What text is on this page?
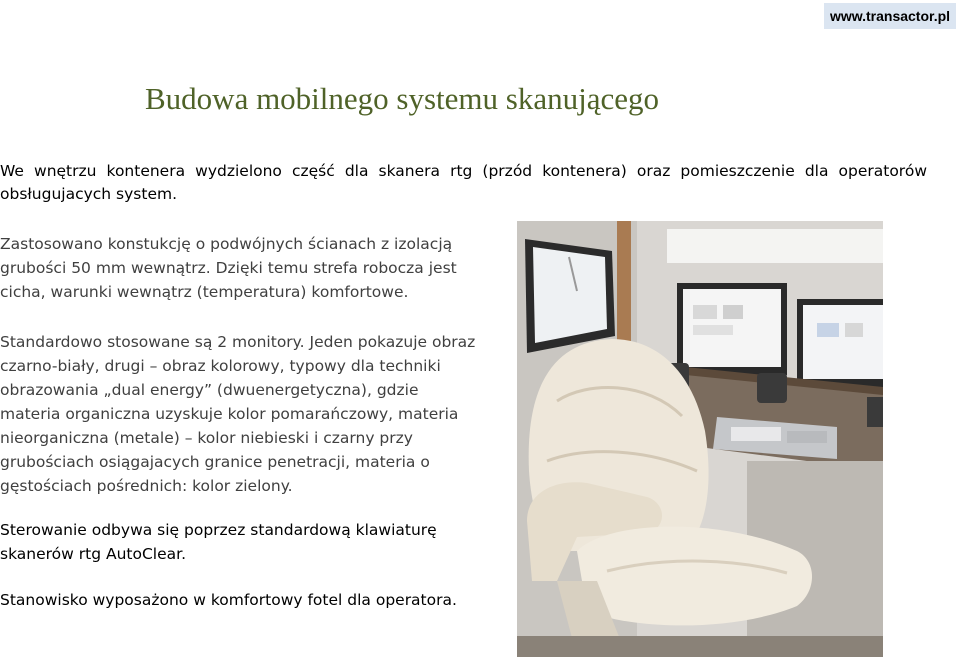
www.transactor.pl
Budowa mobilnego systemu skanującego

We wnętrzu kontenera wydzielono część dla skanera rtg (przód kontenera) oraz pomieszczenie dla operatorów obsługujacych system.

Zastosowano konstukcję o podwójnych ścianach z izolacją grubości 50 mm wewnątrz. Dzięki temu strefa robocza jest cicha, warunki wewnątrz (temperatura) komfortowe.

Standardowo stosowane są 2 monitory. Jeden pokazuje obraz czarno-biały, drugi – obraz kolorowy, typowy dla techniki obrazowania „dual energy” (dwuenergetyczna), gdzie materia organiczna uzyskuje kolor pomarańczowy, materia nieorganiczna (metale) – kolor niebieski i czarny przy grubościach osiągajacych granice penetracji, materia o gęstościach pośrednich: kolor zielony.

Sterowanie odbywa się poprzez standardową klawiaturę skanerów rtg AutoClear.

Stanowisko wyposażono w komfortowy fotel dla operatora.
